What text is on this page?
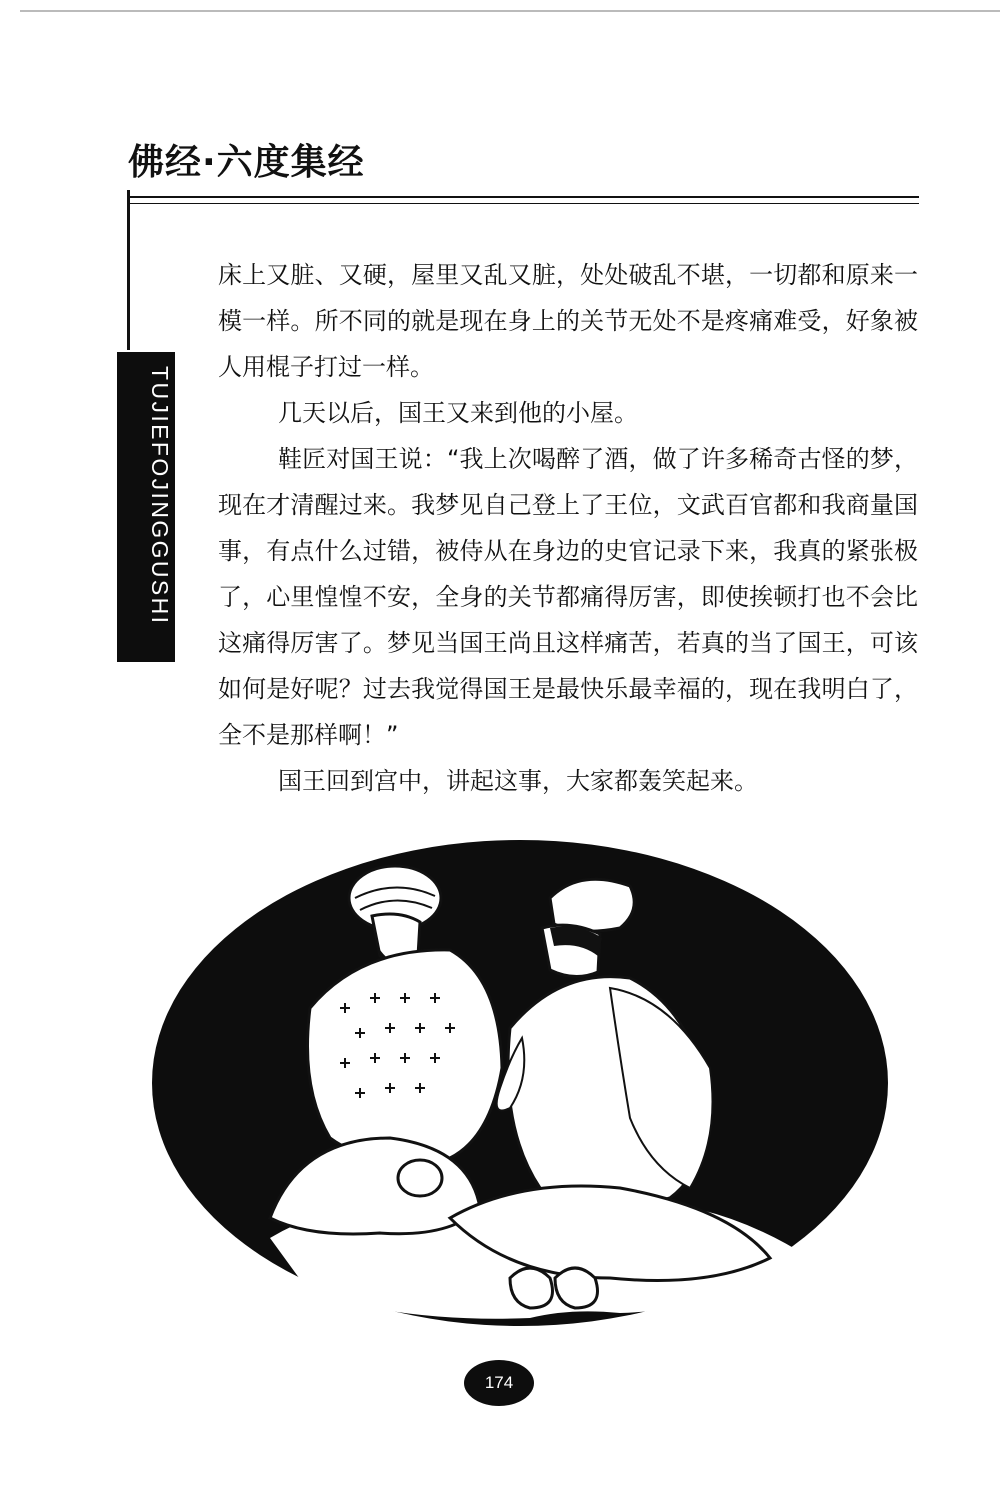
佛经·六度集经
TUJIEFOJINGGUSHI

床上又脏、又硬，屋里又乱又脏，处处破乱不堪，一切都和原来一模一样。所不同的就是现在身上的关节无处不是疼痛难受，好象被人用棍子打过一样。

几天以后，国王又来到他的小屋。

鞋匠对国王说：“我上次喝醉了酒，做了许多稀奇古怪的梦，现在才清醒过来。我梦见自己登上了王位，文武百官都和我商量国事，有点什么过错，被侍从在身边的史官记录下来，我真的紧张极了，心里惶惶不安，全身的关节都痛得厉害，即使挨顿打也不会比这痛得厉害了。梦见当国王尚且这样痛苦，若真的当了国王，可该如何是好呢？过去我觉得国王是最快乐最幸福的，现在我明白了，全不是那样啊！”

国王回到宫中，讲起这事，大家都轰笑起来。

174
